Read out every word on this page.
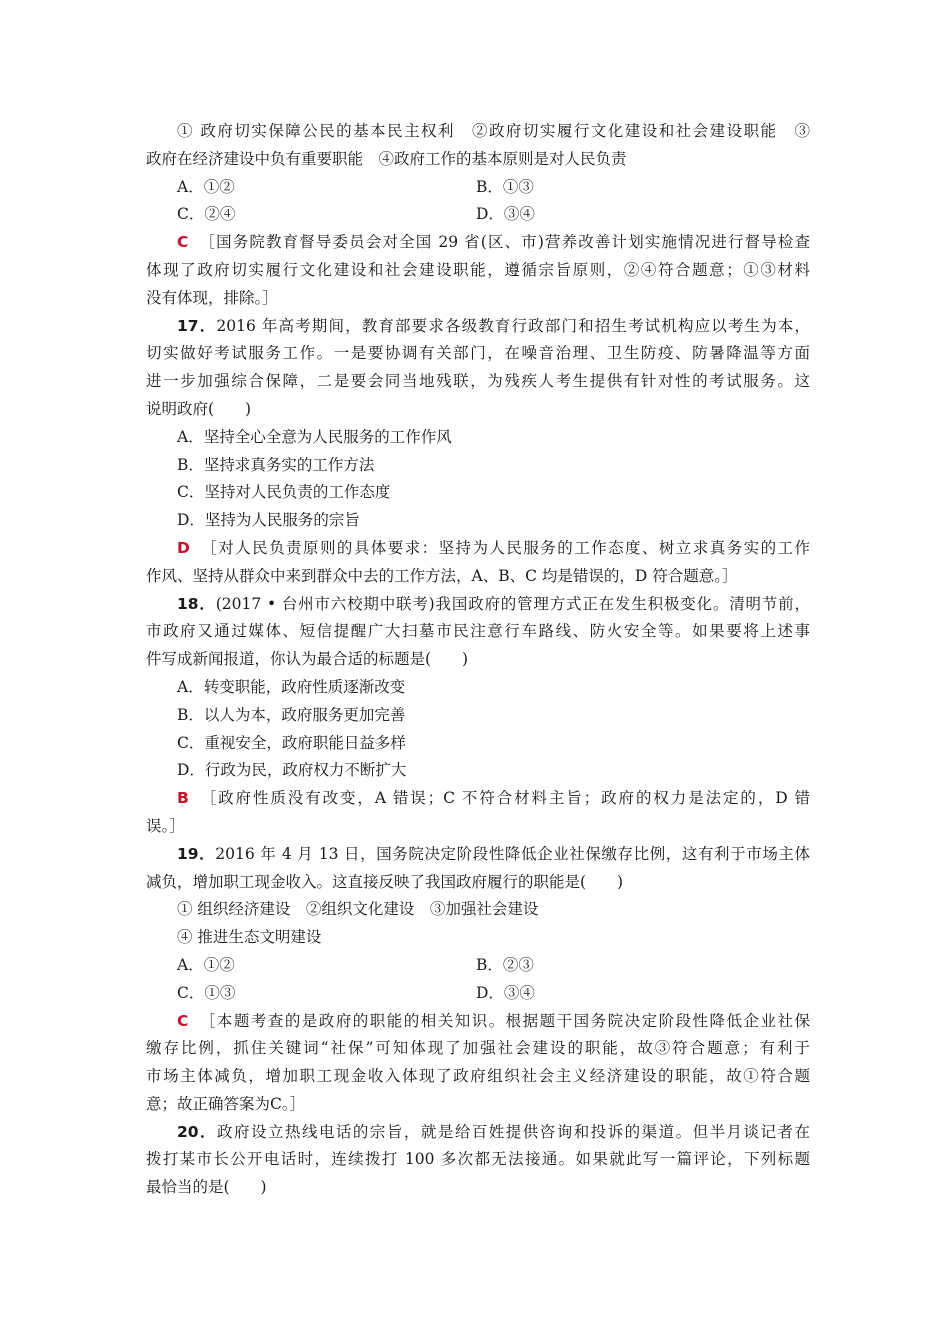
① 政府切实保障公民的基本民主权利　②政府切实履行文化建设和社会建设职能　③
政府在经济建设中负有重要职能　④政府工作的基本原则是对人民负责
A．①②	B．①③
C．②④	D．③④
C ［国务院教育督导委员会对全国 29 省(区、市)营养改善计划实施情况进行督导检查
体现了政府切实履行文化建设和社会建设职能，遵循宗旨原则，②④符合题意；①③材料
没有体现，排除。］
17．2016 年高考期间，教育部要求各级教育行政部门和招生考试机构应以考生为本，
切实做好考试服务工作。一是要协调有关部门，在噪音治理、卫生防疫、防暑降温等方面
进一步加强综合保障，二是要会同当地残联，为残疾人考生提供有针对性的考试服务。这
说明政府(　　)
A．坚持全心全意为人民服务的工作作风
B．坚持求真务实的工作方法
C．坚持对人民负责的工作态度
D．坚持为人民服务的宗旨
D ［对人民负责原则的具体要求：坚持为人民服务的工作态度、树立求真务实的工作
作风、坚持从群众中来到群众中去的工作方法，A、B、C 均是错误的，D 符合题意。］
18．(2017 • 台州市六校期中联考)我国政府的管理方式正在发生积极变化。清明节前，
市政府又通过媒体、短信提醒广大扫墓市民注意行车路线、防火安全等。如果要将上述事
件写成新闻报道，你认为最合适的标题是(　　)
A．转变职能，政府性质逐渐改变
B．以人为本，政府服务更加完善
C．重视安全，政府职能日益多样
D．行政为民，政府权力不断扩大
B ［政府性质没有改变，A 错误；C 不符合材料主旨；政府的权力是法定的，D 错
误。］
19．2016 年 4 月 13 日，国务院决定阶段性降低企业社保缴存比例，这有利于市场主体
减负，增加职工现金收入。这直接反映了我国政府履行的职能是(　　)
① 组织经济建设　②组织文化建设　③加强社会建设
④ 推进生态文明建设
A．①②	B．②③
C．①③	D．③④
C ［本题考查的是政府的职能的相关知识。根据题干国务院决定阶段性降低企业社保
缴存比例，抓住关键词“社保”可知体现了加强社会建设的职能，故③符合题意；有利于
市场主体减负，增加职工现金收入体现了政府组织社会主义经济建设的职能，故①符合题
意；故正确答案为C。］
20．政府设立热线电话的宗旨，就是给百姓提供咨询和投诉的渠道。但半月谈记者在
拨打某市长公开电话时，连续拨打 100 多次都无法接通。如果就此写一篇评论，下列标题
最恰当的是(　　)
